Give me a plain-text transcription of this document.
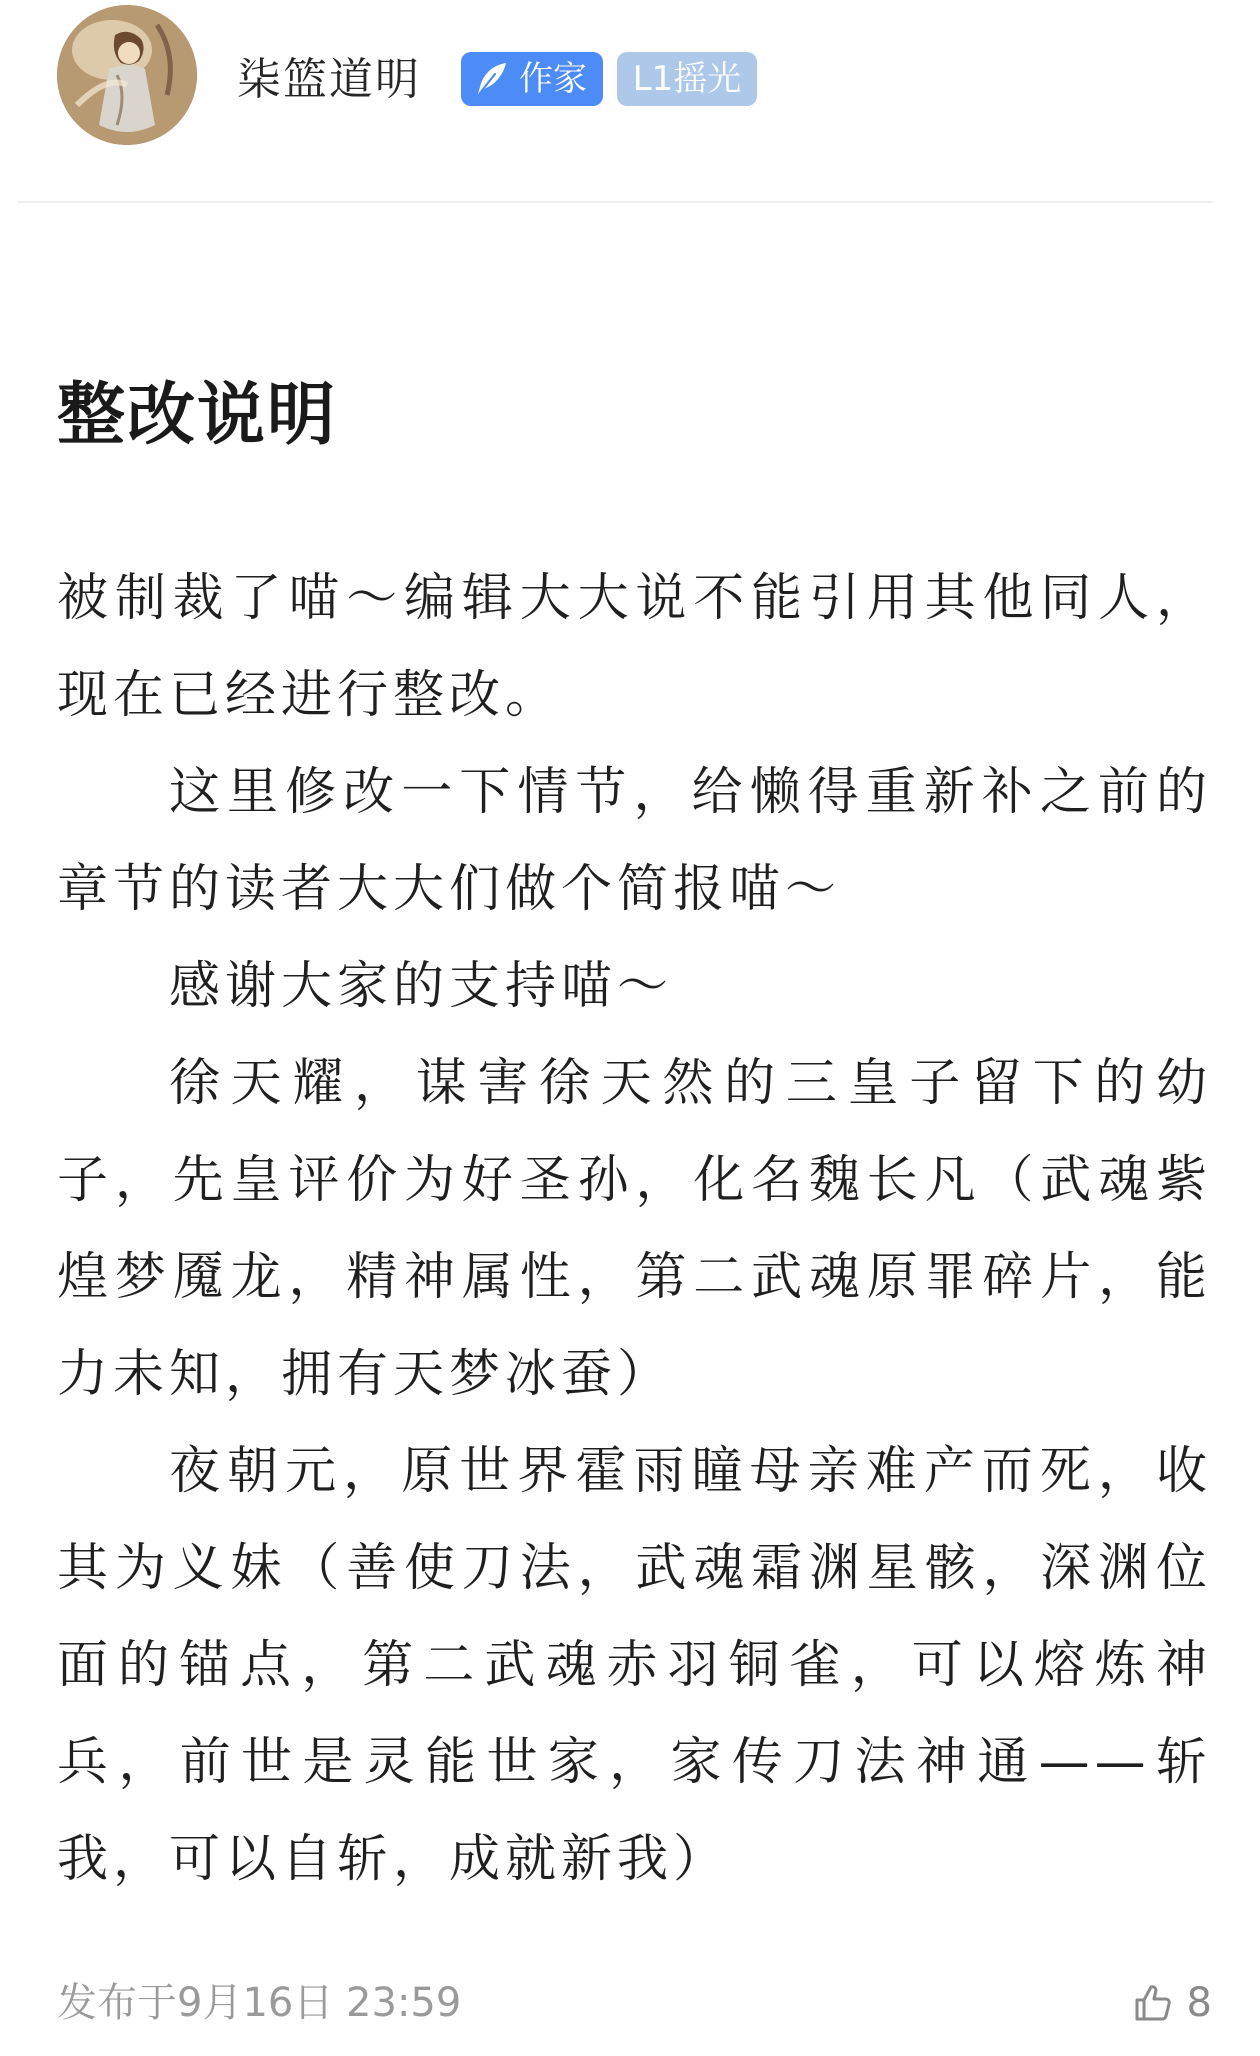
柒篮道明	作家	L1摇光
整改说明

被制裁了喵～编辑大大说不能引用其他同人，现在已经进行整改。

这里修改一下情节，给懒得重新补之前的章节的读者大大们做个简报喵～

感谢大家的支持喵～

徐天耀，谋害徐天然的三皇子留下的幼子，先皇评价为好圣孙，化名魏长凡（武魂紫煌梦魇龙，精神属性，第二武魂原罪碎片，能力未知，拥有天梦冰蚕）

夜朝元，原世界霍雨瞳母亲难产而死，收其为义妹（善使刀法，武魂霜渊星骸，深渊位面的锚点，第二武魂赤羽铜雀，可以熔炼神兵，前世是灵能世家，家传刀法神通——斩我，可以自斩，成就新我）

发布于9月16日 23:59	8
